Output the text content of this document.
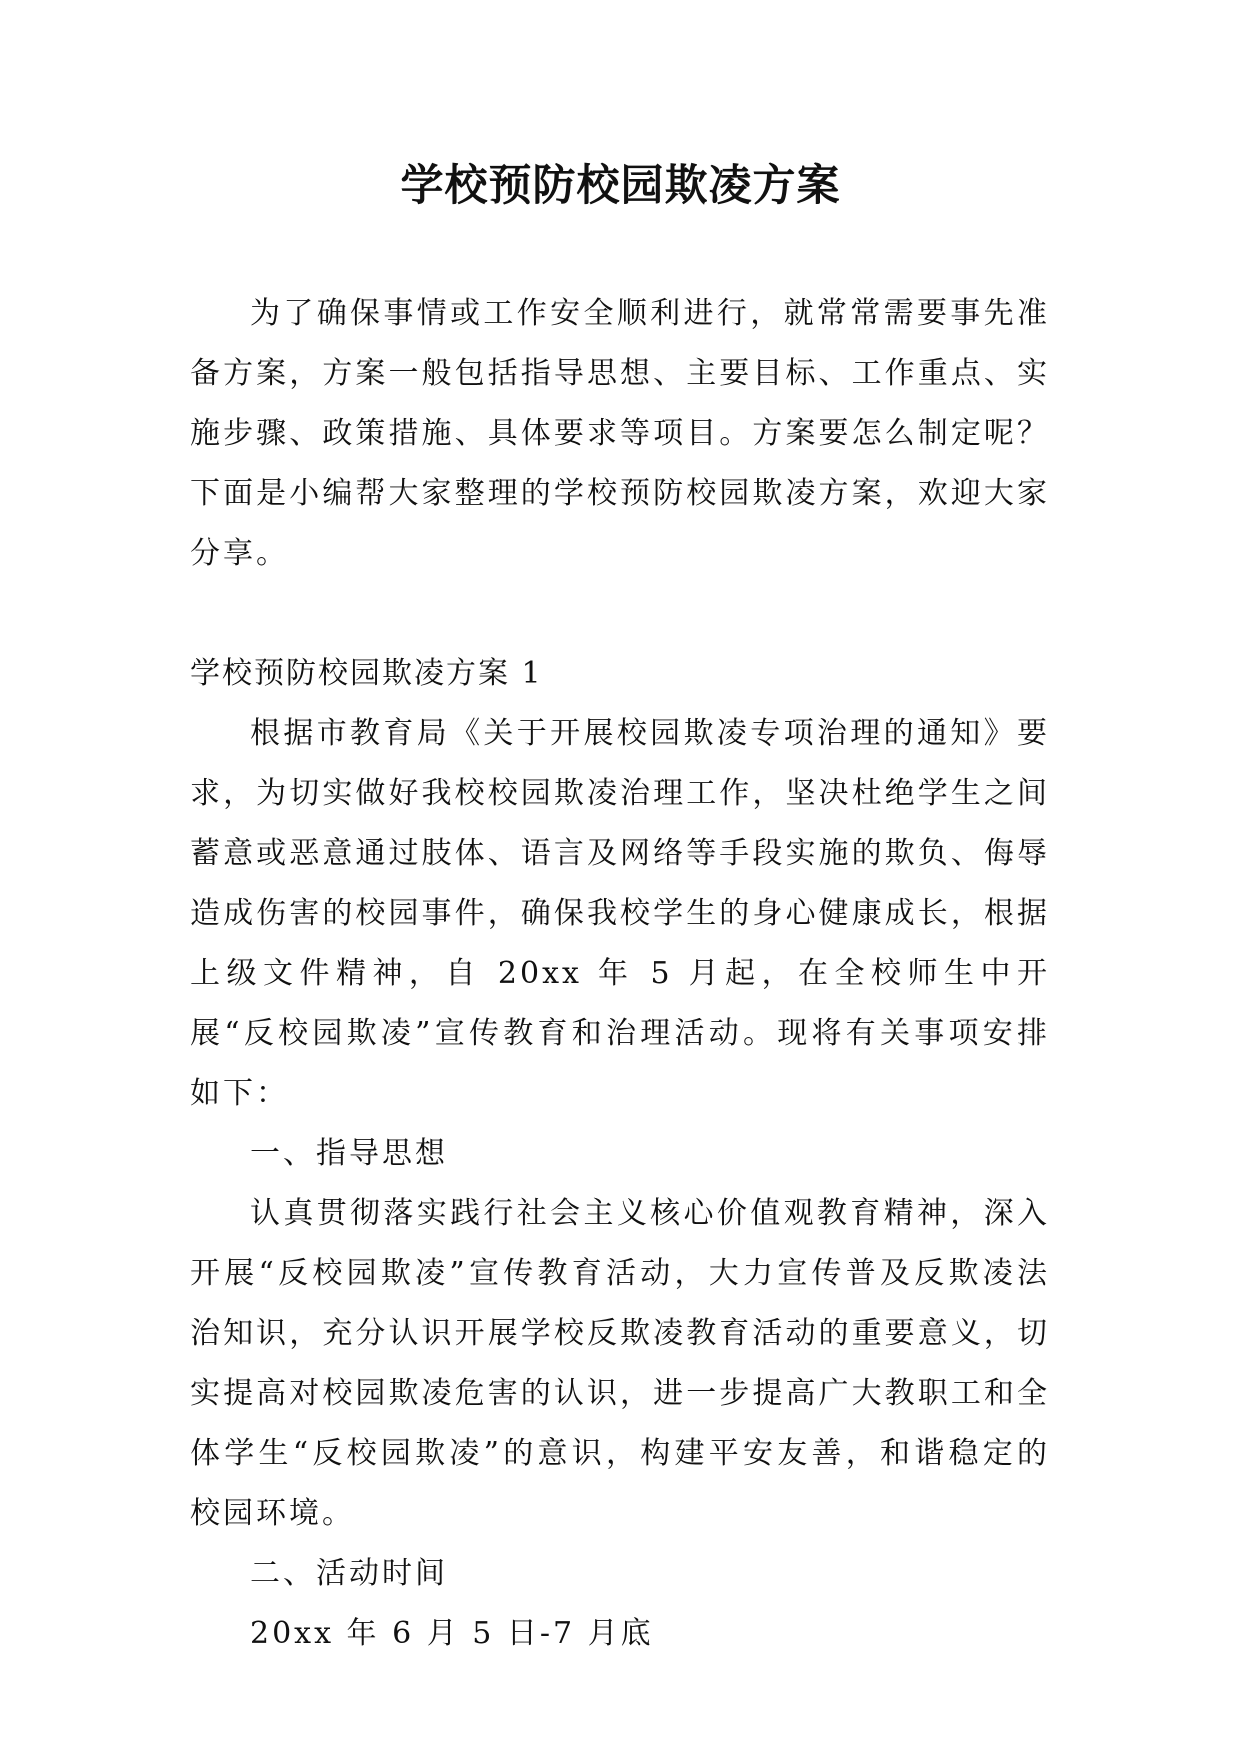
学校预防校园欺凌方案

为了确保事情或工作安全顺利进行，就常常需要事先准备方案，方案一般包括指导思想、主要目标、工作重点、实施步骤、政策措施、具体要求等项目。方案要怎么制定呢？下面是小编帮大家整理的学校预防校园欺凌方案，欢迎大家分享。

学校预防校园欺凌方案 1

根据市教育局《关于开展校园欺凌专项治理的通知》要求，为切实做好我校校园欺凌治理工作，坚决杜绝学生之间蓄意或恶意通过肢体、语言及网络等手段实施的欺负、侮辱造成伤害的校园事件，确保我校学生的身心健康成长，根据上级文件精神，自 20xx 年 5 月起，在全校师生中开展“反校园欺凌”宣传教育和治理活动。现将有关事项安排如下：

一、指导思想

认真贯彻落实践行社会主义核心价值观教育精神，深入开展“反校园欺凌”宣传教育活动，大力宣传普及反欺凌法治知识，充分认识开展学校反欺凌教育活动的重要意义，切实提高对校园欺凌危害的认识，进一步提高广大教职工和全体学生“反校园欺凌”的意识，构建平安友善，和谐稳定的校园环境。

二、活动时间

20xx 年 6 月 5 日-7 月底
